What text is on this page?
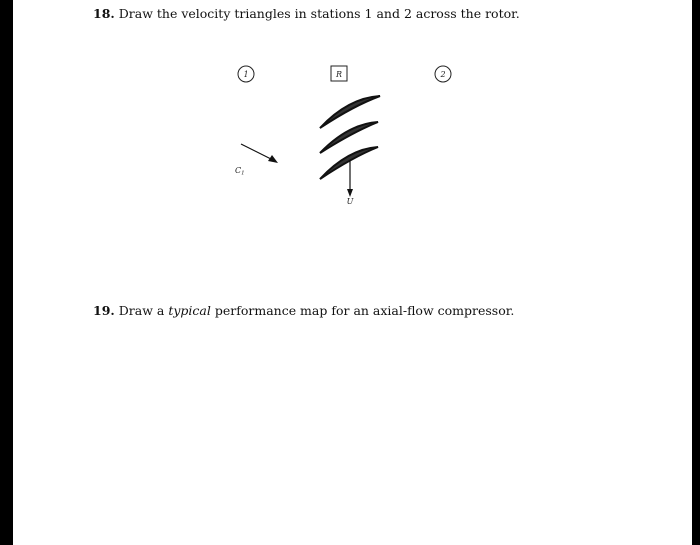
18. Draw the velocity triangles in stations 1 and 2 across the rotor.

1	R	2
C1
U

19. Draw a typical performance map for an axial-flow compressor.
